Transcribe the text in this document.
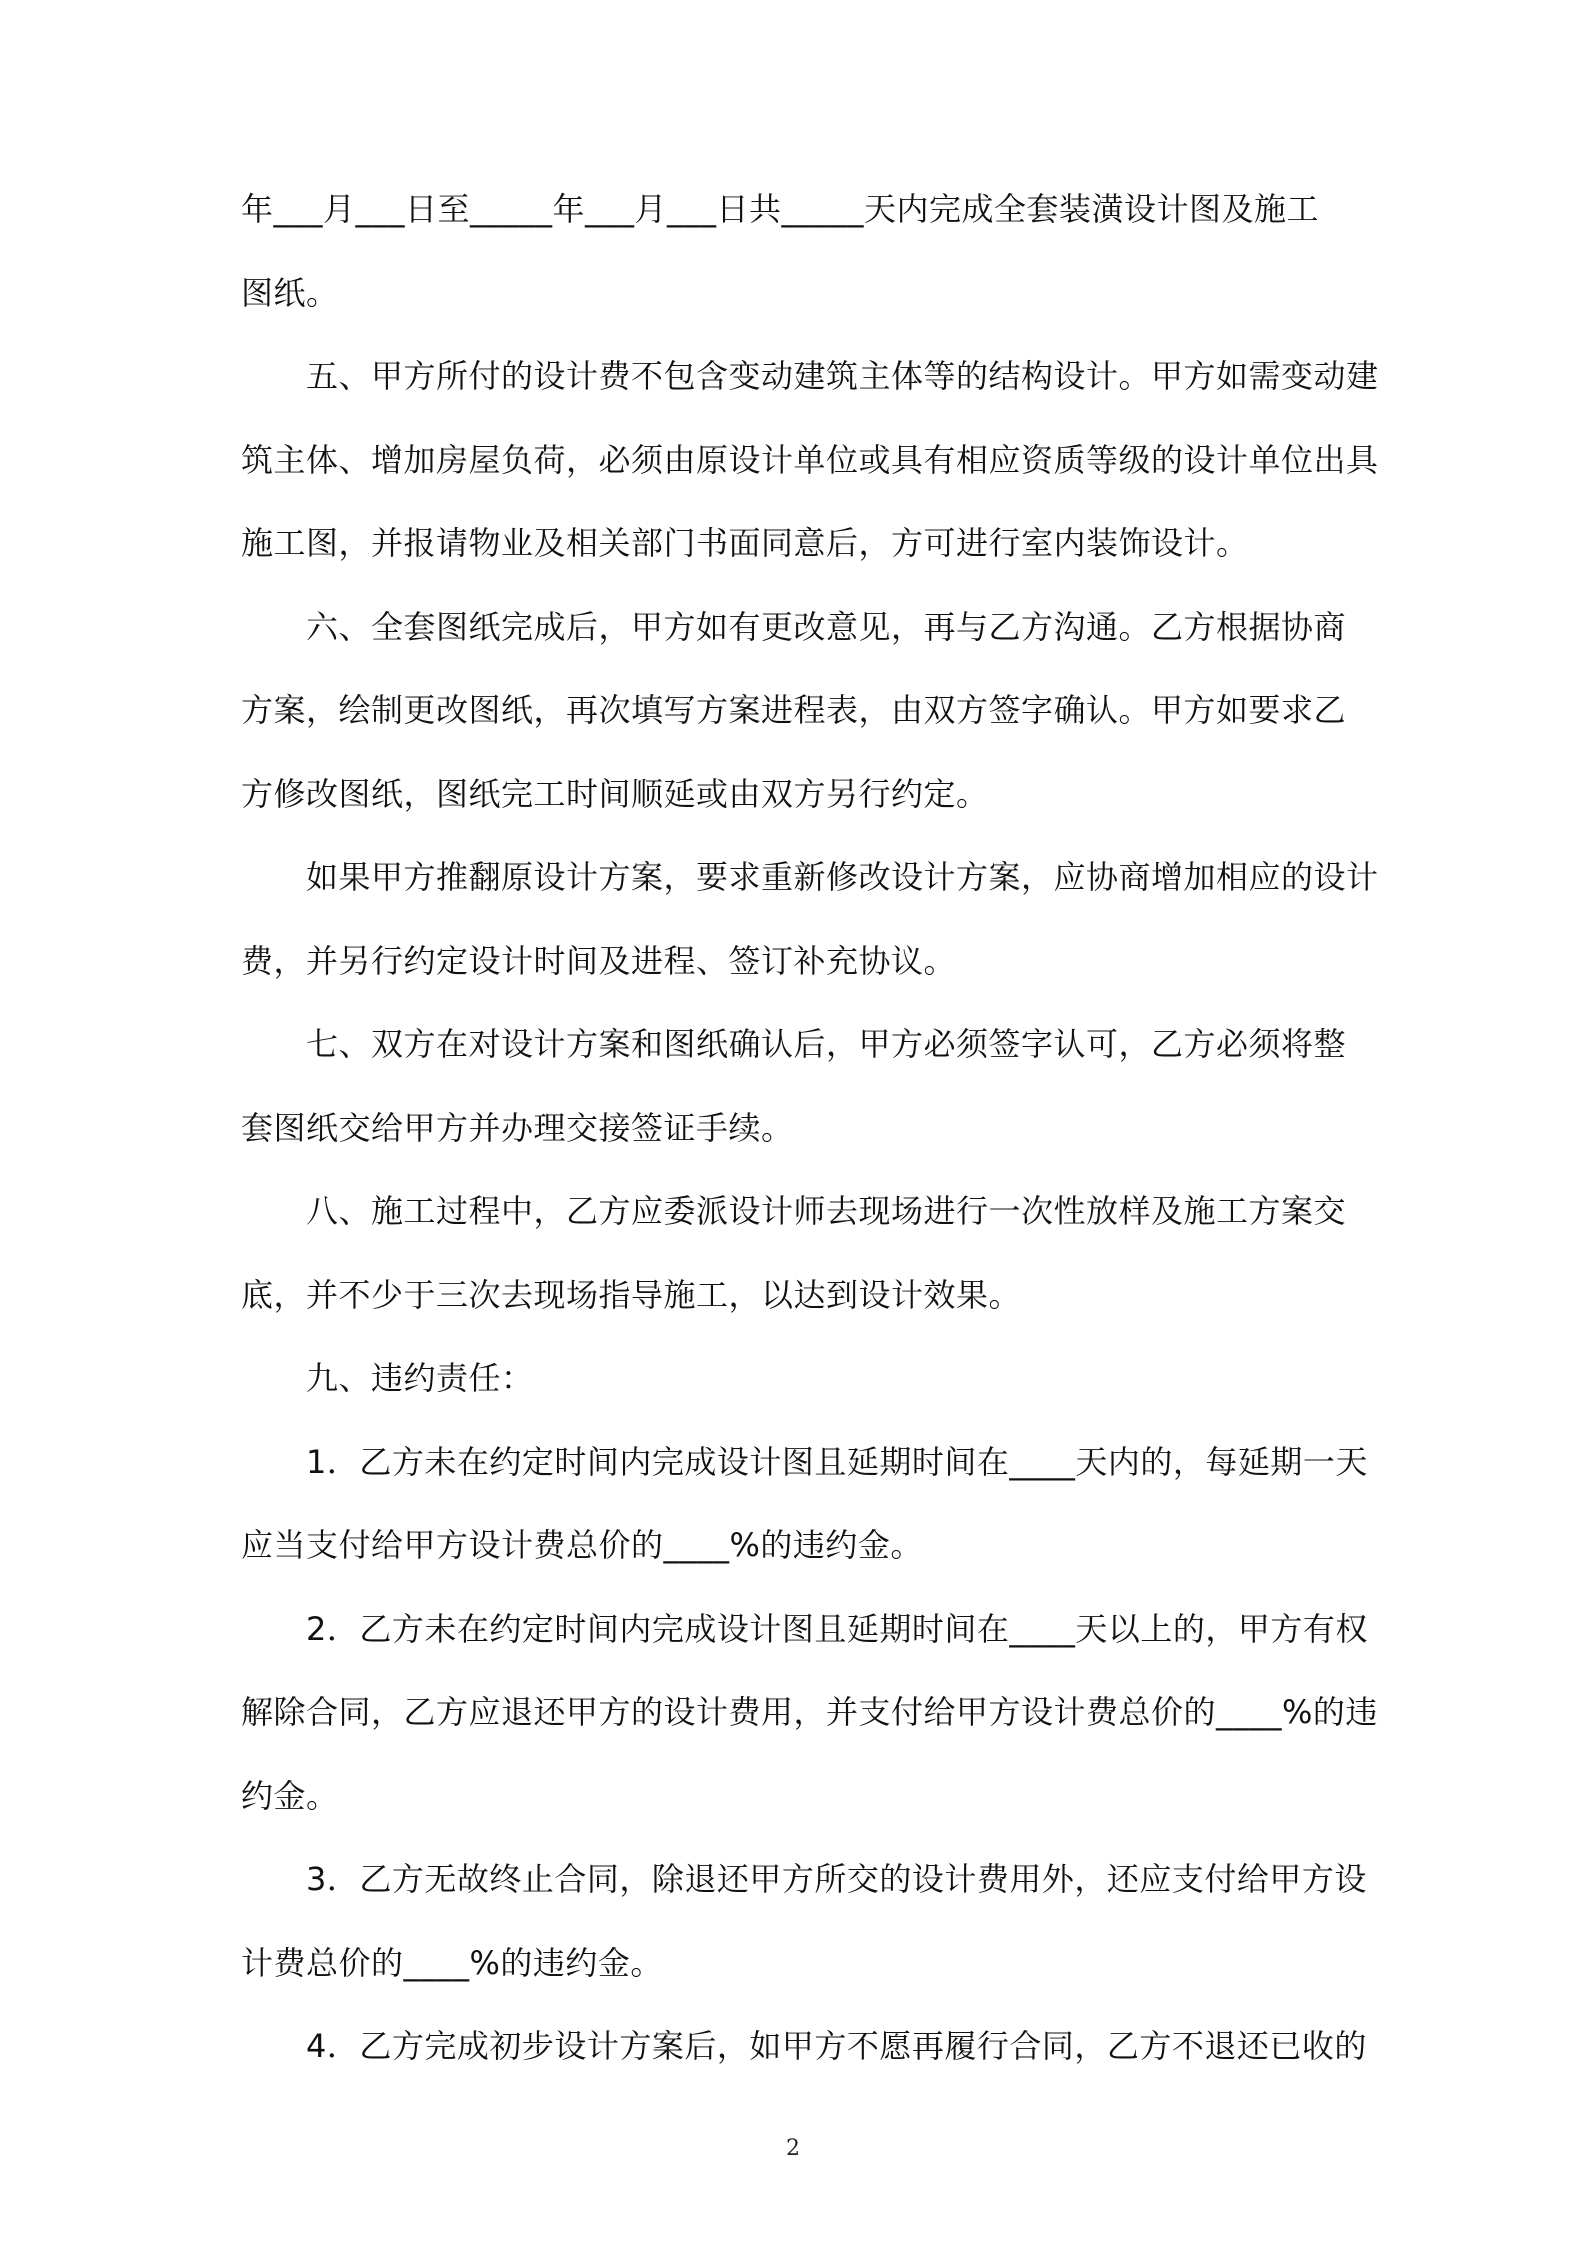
年___月___日至_____年___月___日共_____天内完成全套装潢设计图及施工
图纸。
　　五、甲方所付的设计费不包含变动建筑主体等的结构设计。甲方如需变动建
筑主体、增加房屋负荷，必须由原设计单位或具有相应资质等级的设计单位出具
施工图，并报请物业及相关部门书面同意后，方可进行室内装饰设计。
　　六、全套图纸完成后，甲方如有更改意见，再与乙方沟通。乙方根据协商
方案，绘制更改图纸，再次填写方案进程表，由双方签字确认。甲方如要求乙
方修改图纸，图纸完工时间顺延或由双方另行约定。
　　如果甲方推翻原设计方案，要求重新修改设计方案，应协商增加相应的设计
费，并另行约定设计时间及进程、签订补充协议。
　　七、双方在对设计方案和图纸确认后，甲方必须签字认可，乙方必须将整
套图纸交给甲方并办理交接签证手续。
　　八、施工过程中，乙方应委派设计师去现场进行一次性放样及施工方案交
底，并不少于三次去现场指导施工，以达到设计效果。
　　九、违约责任：
　　1．乙方未在约定时间内完成设计图且延期时间在____天内的，每延期一天
应当支付给甲方设计费总价的____%的违约金。
　　2．乙方未在约定时间内完成设计图且延期时间在____天以上的，甲方有权
解除合同，乙方应退还甲方的设计费用，并支付给甲方设计费总价的____%的违
约金。
　　3．乙方无故终止合同，除退还甲方所交的设计费用外，还应支付给甲方设
计费总价的____%的违约金。
　　4．乙方完成初步设计方案后，如甲方不愿再履行合同，乙方不退还已收的
2
